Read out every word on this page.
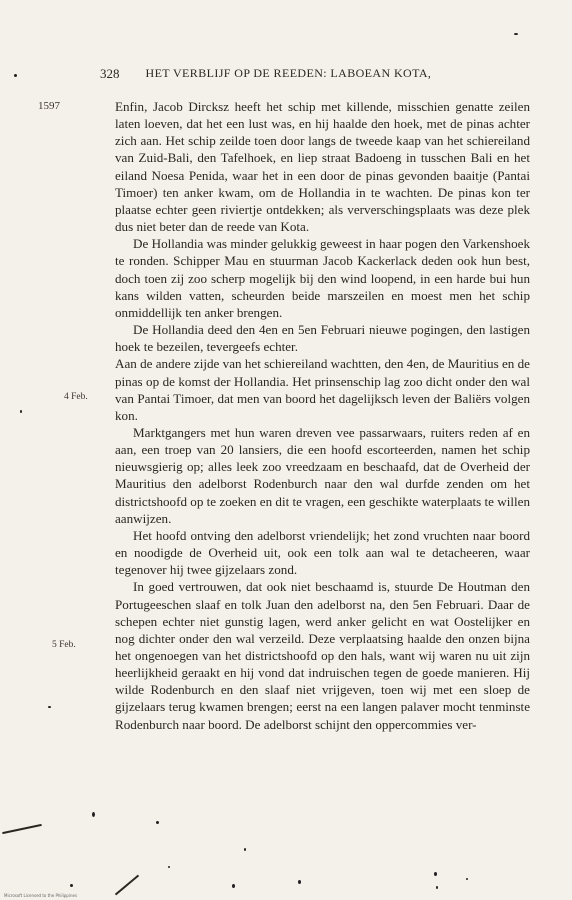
328 HET VERBLIJF OP DE REEDEN: LABOEAN KOTA,
1597
4 Feb.
5 Feb.

Enfin, Jacob Dircksz heeft het schip met killende, misschien genatte zeilen laten loeven, dat het een lust was, en hij haalde den hoek, met de pinas achter zich aan. Het schip zeilde toen door langs de tweede kaap van het schiereiland van Zuid-Bali, den Tafelhoek, en liep straat Badoeng in tusschen Bali en het eiland Noesa Penida, waar het in een door de pinas gevonden baaitje (Pantai Timoer) ten anker kwam, om de Hollandia in te wachten. De pinas kon ter plaatse echter geen riviertje ontdekken; als ververschingsplaats was deze plek dus niet beter dan de reede van Kota.

De Hollandia was minder gelukkig geweest in haar pogen den Varkenshoek te ronden. Schipper Mau en stuurman Jacob Kackerlack deden ook hun best, doch toen zij zoo scherp mogelijk bij den wind loopend, in een harde bui hun kans wilden vatten, scheurden beide marszeilen en moest men het schip onmiddellijk ten anker brengen.

De Hollandia deed den 4en en 5en Februari nieuwe pogingen, den lastigen hoek te bezeilen, tevergeefs echter.

Aan de andere zijde van het schiereiland wachtten, den 4en, de Mauritius en de pinas op de komst der Hollandia. Het prinsenschip lag zoo dicht onder den wal van Pantai Timoer, dat men van boord het dagelijksch leven der Baliërs volgen kon.

Marktgangers met hun waren dreven vee passarwaars, ruiters reden af en aan, een troep van 20 lansiers, die een hoofd escorteerden, namen het schip nieuwsgierig op; alles leek zoo vreedzaam en beschaafd, dat de Overheid der Mauritius den adelborst Rodenburch naar den wal durfde zenden om het districtshoofd op te zoeken en dit te vragen, een geschikte waterplaats te willen aanwijzen.

Het hoofd ontving den adelborst vriendelijk; het zond vruchten naar boord en noodigde de Overheid uit, ook een tolk aan wal te detacheeren, waar tegenover hij twee gijzelaars zond.

In goed vertrouwen, dat ook niet beschaamd is, stuurde De Houtman den Portugeeschen slaaf en tolk Juan den adelborst na, den 5en Februari. Daar de schepen echter niet gunstig lagen, werd anker gelicht en wat Oostelijker en nog dichter onder den wal verzeild. Deze verplaatsing haalde den onzen bijna het ongenoegen van het districtshoofd op den hals, want wij waren nu uit zijn heerlijkheid geraakt en hij vond dat indruischen tegen de goede manieren. Hij wilde Rodenburch en den slaaf niet vrijgeven, toen wij met een sloep de gijzelaars terug kwamen brengen; eerst na een langen palaver mocht tenminste Rodenburch naar boord. De adelborst schijnt den oppercommies ver-

Microsoft Licensed to the Philippines
